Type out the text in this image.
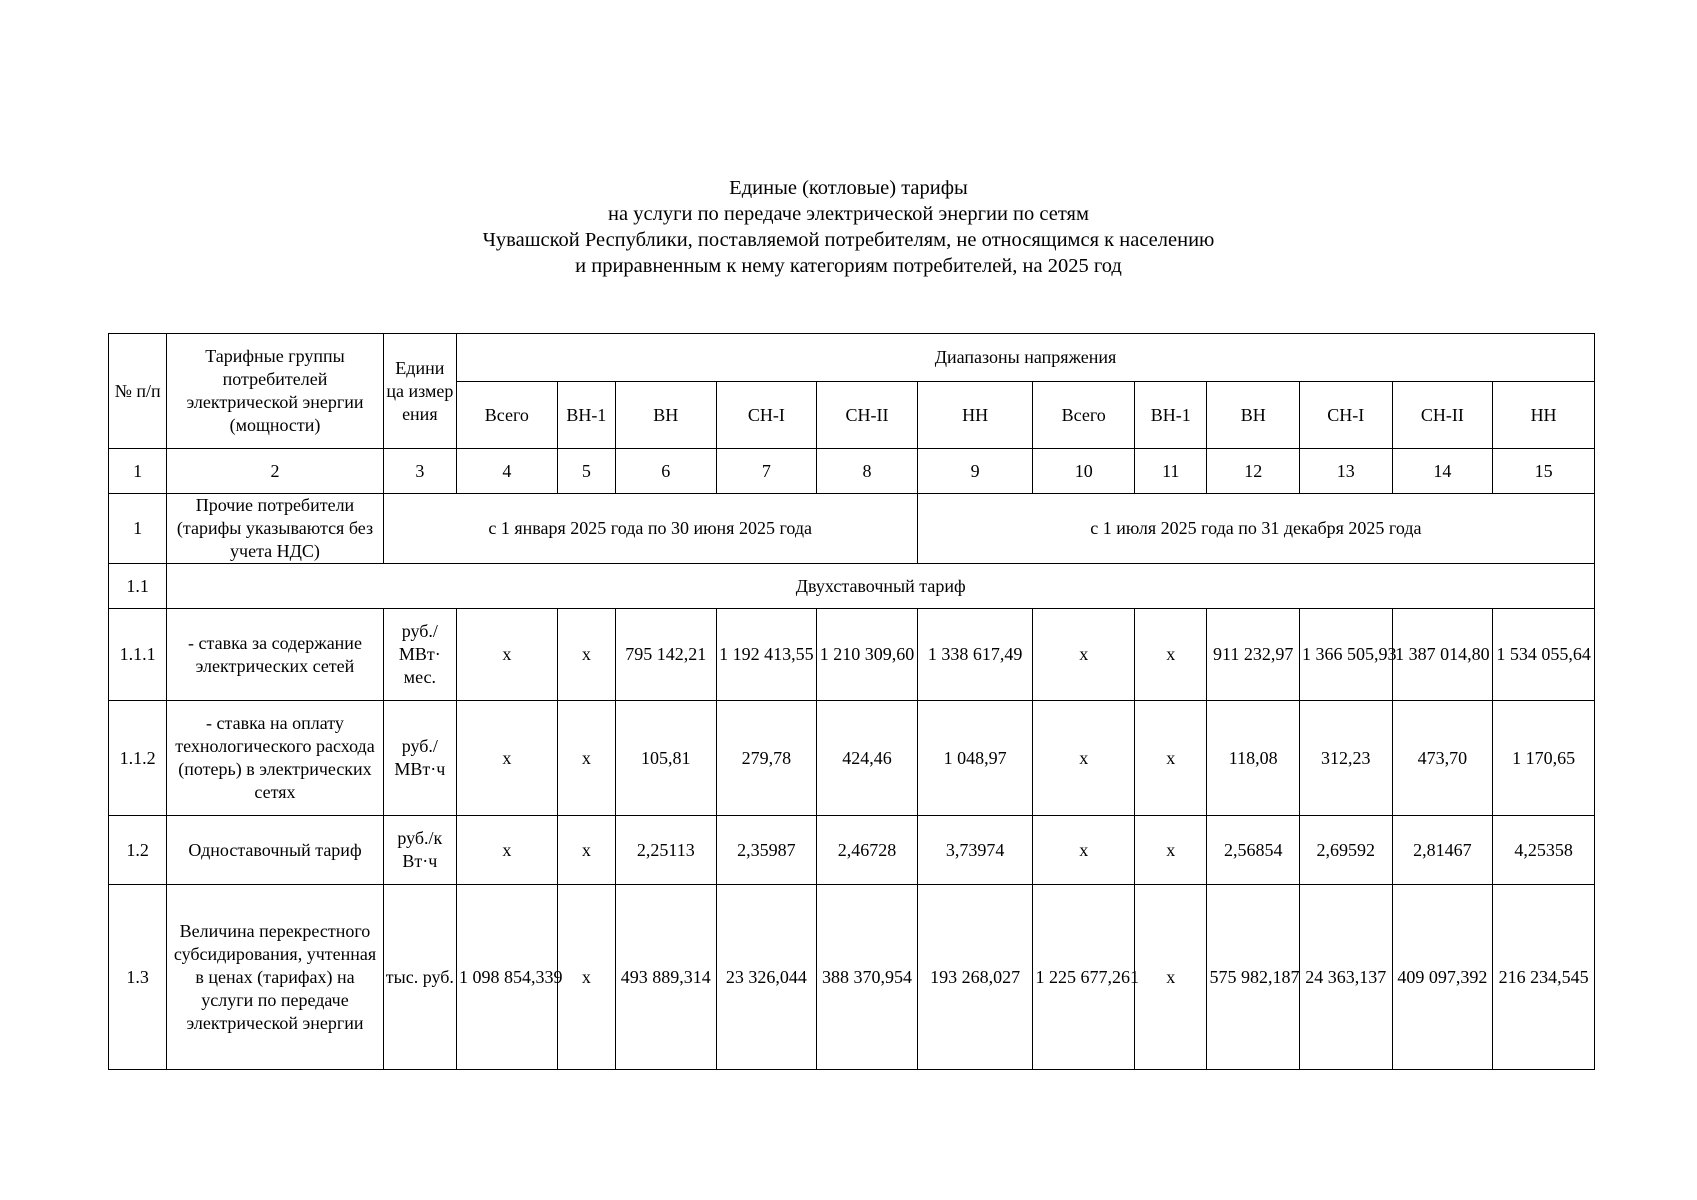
Единые (котловые) тарифы
на услуги по передаче электрической энергии по сетям
Чувашской Республики, поставляемой потребителям, не относящимся к населению
и приравненным к нему категориям потребителей, на 2025 год
№ п/п	Тарифные группы потребителей электрической энергии (мощности)	Едини ца измер ения	Диапазоны напряжения											
			Всего	ВН-1	ВН	СН-I	СН-II	НН	Всего	ВН-1	ВН	СН-I	СН-II	НН
1	2	3	4	5	6	7	8	9	10	11	12	13	14	15
1	Прочие потребители (тарифы указываются без учета НДС)	с 1 января 2025 года по 30 июня 2025 года						с 1 июля 2025 года по 31 декабря 2025 года						
1.1	Двухставочный тариф													
1.1.1	- ставка за содержание электрических сетей	руб./ МВт· мес.	x	x	795 142,21	1 192 413,55	1 210 309,60	1 338 617,49	x	x	911 232,97	1 366 505,93	1 387 014,80	1 534 055,64
1.1.2	- ставка на оплату технологического расхода (потерь) в электрических сетях	руб./ МВт·ч	x	x	105,81	279,78	424,46	1 048,97	x	x	118,08	312,23	473,70	1 170,65
1.2	Одноставочный тариф	руб./к Вт·ч	x	x	2,25113	2,35987	2,46728	3,73974	x	x	2,56854	2,69592	2,81467	4,25358
1.3	Величина перекрестного субсидирования, учтенная в ценах (тарифах) на услуги по передаче электрической энергии	тыс. руб.	1 098 854,339	x	493 889,314	23 326,044	388 370,954	193 268,027	1 225 677,261	x	575 982,187	24 363,137	409 097,392	216 234,545
